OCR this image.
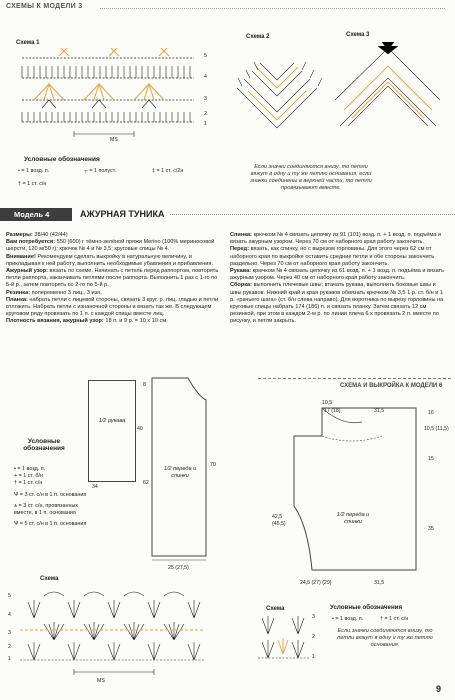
СХЕМЫ К МОДЕЛИ 3
Схема 1
5
4
3
2
1
MS
Схема 2	Схема 3
Условные обозначения
• = 1 возд. п.	┬ = 1 полуст.	‡ = 1 ст. с/2н
† = 1 ст. с/н
Если значки соединяются внизу, то петли вяжут в одну и ту же петлю основания, если значки соединены в верхней части, то петли провязывают вместе.
Модель 4	АЖУРНАЯ ТУНИКА
Размеры: 38/40 (42/44)
Вам потребуется: 550 (600) г тёмно-зелёной пряжи Merino (100% мериносовой шерсти, 120 м/50 г); крючок № 4 и № 3,5; круговые спицы № 4.
Внимание! Рекомендуем сделать выкройку в натуральную величину, и прикладывая к ней работу, выполнить необходимые убавления и прибавления.
Ажурный узор: вязать по схеме. Начинать с петель перед раппортом, повторять петли раппорта, заканчивать петлями после раппорта. Выполнить 1 раз с 1-го по 5-й р., затем повторять со 2-го по 5-й р.
Резинка: попеременно 3 лиц., 3 изн.
Планка: набрать петли с лицевой стороны, связать 3 круг. р. лиц. гладью и петли отложить. Набрать петли с изнаночной стороны и вязать так же. В следующем круговом ряду провязать по 1 п. с каждой спицы вместе лиц.
Плотность вязания, ажурный узор: 18 п. и 9 р. = 10 х 10 см.
Спинка: крючком № 4 связать цепочку из 91 (101) возд. п. + 1 возд. п. подъёма и вязать ажурным узором. Через 70 см от наборного края работу закончить.
Перед: вязать, как спинку, но с вырезом горловины. Для этого через 62 см от наборного края по выкройке оставить средние петли и обе стороны закончить раздельно. Через 70 см от наборного края работу закончить.
Рукава: крючком № 4 связать цепочку из 61 возд. п. + 1 возд. п. подъёма и вязать ажурным узором. Через 40 см от наборного края работу закончить.
Сборка: выполнить плечевые швы; втачать рукава, выполнить боковые швы и швы рукавов. Нижний край и края рукавов обвязать крючком № 3,5 1 р. ст. б/н и 1 р. «рачьего шага» (ст. б/н слева направо). Для воротника по вырезу горловины на круговые спицы набрать 174 (186) п. и связать планку. Затем связать 12 см резинкой, при этом в каждом 2-м р. по линии плеча 6 х провязать 2 п. вместе по рисунку, и петли закрыть.
1/2 рукава
40
8
62
1/2 переда и спинки
70
34
25 (27,5)
Условные обозначения
• = 1 возд. п.
+ = 1 ст. б/н
† = 1 ст. с/н
Ѱ = 3 ст. с/н в 1 п. основания
⩚ = 3 ст. с/н, провязанных вместе, в 1 п. основания
Ѱ = 5 ст. с/н в 1 п. основания
Схема
MS
5
4
3
2
1
СХЕМА И ВЫКРОЙКА К МОДЕЛИ 6
10,5
17 (18)	31,5	16
10,5 (11,5)
15
42,5 (45,5)
35
1/2 переда и спинки
24,5 (27) (29)	31,5
Схема
3
2
1
Условные обозначения
• = 1 возд. п.	† = 1 ст. с/н
Если значки соединяются внизу, то петли вяжут в одну и ту же петлю основания.
9
